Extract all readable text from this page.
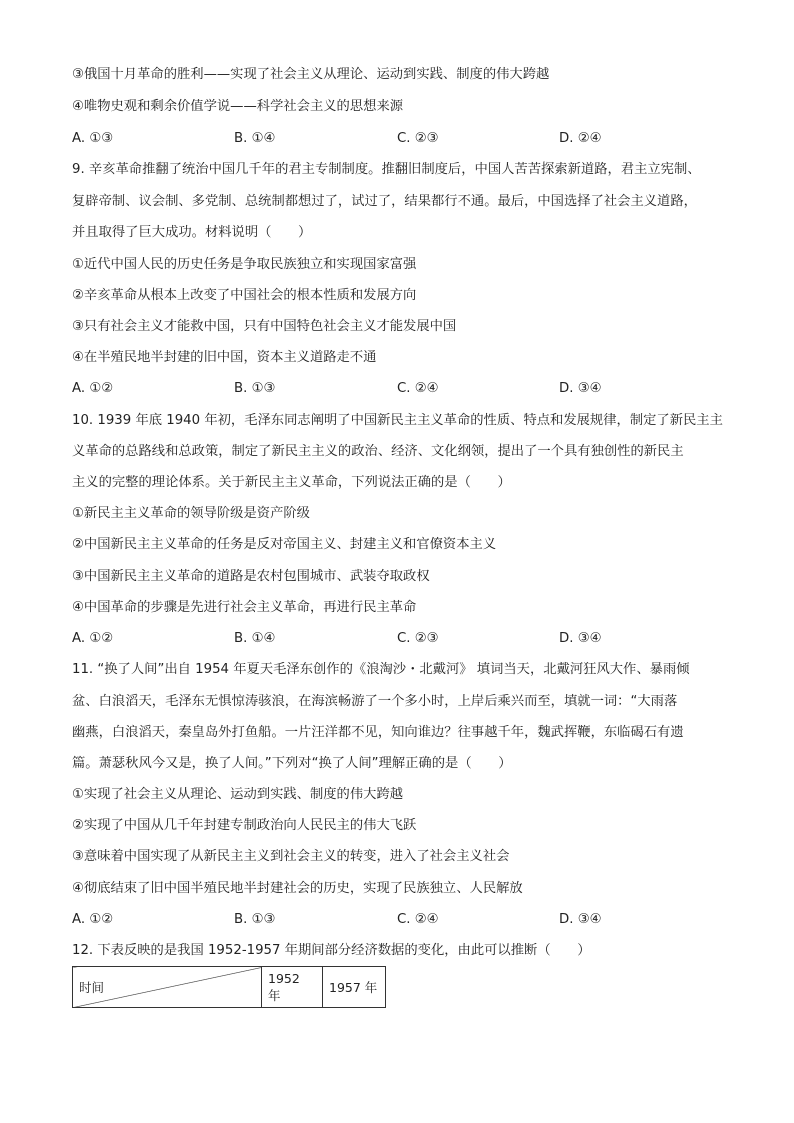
③俄国十月革命的胜利——实现了社会主义从理论、运动到实践、制度的伟大跨越
④唯物史观和剩余价值学说——科学社会主义的思想来源
A. ①③	B. ①④	C. ②③	D. ②④
9. 辛亥革命推翻了统治中国几千年的君主专制制度。推翻旧制度后，中国人苦苦探索新道路，君主立宪制、
复辟帝制、议会制、多党制、总统制都想过了，试过了，结果都行不通。最后，中国选择了社会主义道路，
并且取得了巨大成功。材料说明（　　）
①近代中国人民的历史任务是争取民族独立和实现国家富强
②辛亥革命从根本上改变了中国社会的根本性质和发展方向
③只有社会主义才能救中国，只有中国特色社会主义才能发展中国
④在半殖民地半封建的旧中国，资本主义道路走不通
A. ①②	B. ①③	C. ②④	D. ③④
10. 1939 年底 1940 年初，毛泽东同志阐明了中国新民主主义革命的性质、特点和发展规律，制定了新民主主
义革命的总路线和总政策，制定了新民主主义的政治、经济、文化纲领，提出了一个具有独创性的新民主
主义的完整的理论体系。关于新民主主义革命，下列说法正确的是（　　）
①新民主主义革命的领导阶级是资产阶级
②中国新民主主义革命的任务是反对帝国主义、封建主义和官僚资本主义
③中国新民主主义革命的道路是农村包围城市、武装夺取政权
④中国革命的步骤是先进行社会主义革命，再进行民主革命
A. ①②	B. ①④	C. ②③	D. ③④
11. “换了人间”出自 1954 年夏天毛泽东创作的《浪淘沙・北戴河》 填词当天，北戴河狂风大作、暴雨倾
盆、白浪滔天，毛泽东无惧惊涛骇浪，在海滨畅游了一个多小时，上岸后乘兴而至，填就一词：“大雨落
幽燕，白浪滔天，秦皇岛外打鱼船。一片汪洋都不见，知向谁边？往事越千年，魏武挥鞭，东临碣石有遗
篇。萧瑟秋风今又是，换了人间。”下列对“换了人间”理解正确的是（　　）
①实现了社会主义从理论、运动到实践、制度的伟大跨越
②实现了中国从几千年封建专制政治向人民民主的伟大飞跃
③意味着中国实现了从新民主主义到社会主义的转变，进入了社会主义社会
④彻底结束了旧中国半殖民地半封建社会的历史，实现了民族独立、人民解放
A. ①②	B. ①③	C. ②④	D. ③④
12. 下表反映的是我国 1952-1957 年期间部分经济数据的变化，由此可以推断（　　）
时间	1952 年	1957 年
